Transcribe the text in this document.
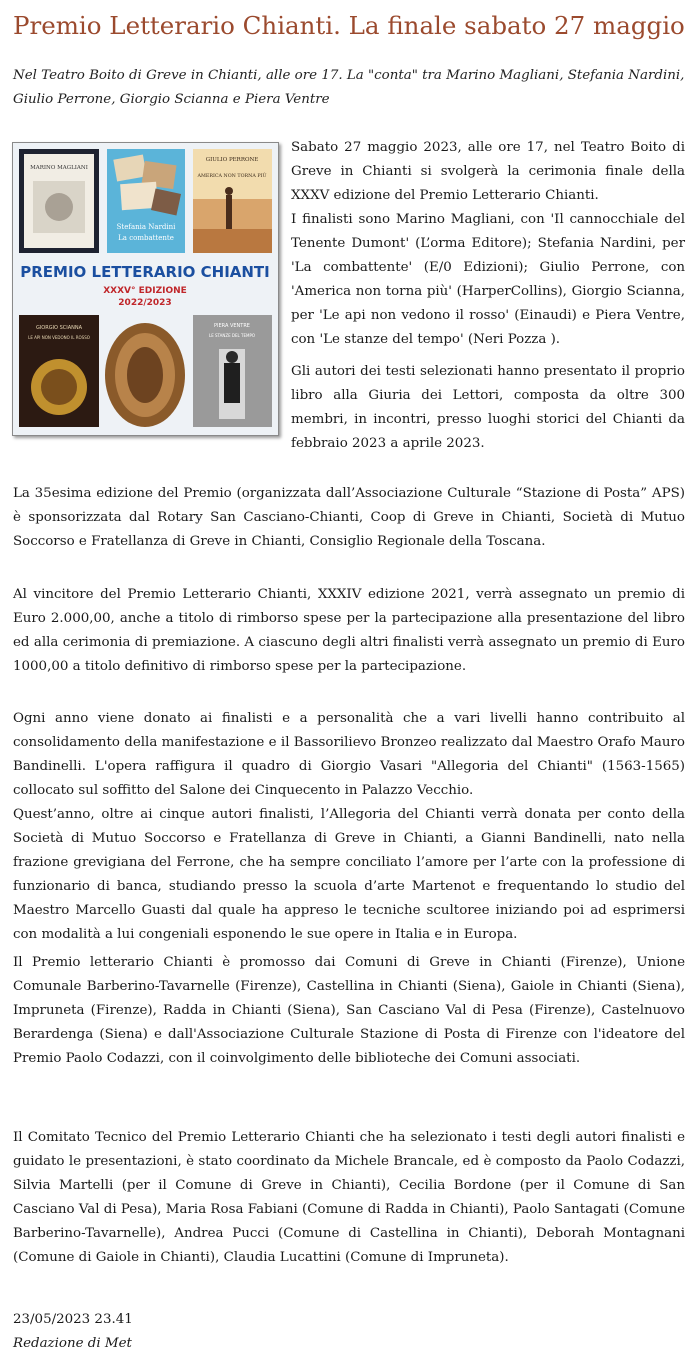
Premio Letterario Chianti. La finale sabato 27 maggio

Nel Teatro Boito di Greve in Chianti, alle ore 17. La "conta" tra Marino Magliani, Stefania Nardini, Giulio Perrone, Giorgio Scianna e Piera Ventre

MARINO MAGLIANI
Stefania Nardini
La combattente
GIULIO PERRONE
AMERICA NON TORNA PIÙ
PREMIO LETTERARIO CHIANTI
XXXV° EDIZIONE
2022/2023
GIORGIO SCIANNA
LE API NON VEDONO IL ROSSO
PIERA VENTRE
LE STANZE DEL TEMPO

Sabato 27 maggio 2023, alle ore 17, nel Teatro Boito di Greve in Chianti si svolgerà la cerimonia finale della XXXV edizione del Premio Letterario Chianti.
I finalisti sono Marino Magliani, con 'Il cannocchiale del Tenente Dumont' (L’orma Editore); Stefania Nardini, per 'La combattente' (E/0 Edizioni); Giulio Perrone, con 'America non torna più' (HarperCollins), Giorgio Scianna, per 'Le api non vedono il rosso' (Einaudi) e Piera Ventre, con 'Le stanze del tempo' (Neri Pozza ).

Gli autori dei testi selezionati hanno presentato il proprio libro alla Giuria dei Lettori, composta da oltre 300 membri, in incontri, presso luoghi storici del Chianti da febbraio 2023 a aprile 2023.

La 35esima edizione del Premio (organizzata dall’Associazione Culturale “Stazione di Posta” APS) è sponsorizzata dal Rotary San Casciano-Chianti, Coop di Greve in Chianti, Società di Mutuo Soccorso e Fratellanza di Greve in Chianti, Consiglio Regionale della Toscana.

Al vincitore del Premio Letterario Chianti, XXXIV edizione 2021, verrà assegnato un premio di Euro 2.000,00, anche a titolo di rimborso spese per la partecipazione alla presentazione del libro ed alla cerimonia di premiazione. A ciascuno degli altri finalisti verrà assegnato un premio di Euro 1000,00 a titolo definitivo di rimborso spese per la partecipazione.

Ogni anno viene donato ai finalisti e a personalità che a vari livelli hanno contribuito al consolidamento della manifestazione e il Bassorilievo Bronzeo realizzato dal Maestro Orafo Mauro Bandinelli. L'opera raffigura il quadro di Giorgio Vasari "Allegoria del Chianti" (1563-1565) collocato sul soffitto del Salone dei Cinquecento in Palazzo Vecchio.
Quest’anno, oltre ai cinque autori finalisti, l’Allegoria del Chianti verrà donata per conto della Società di Mutuo Soccorso e Fratellanza di Greve in Chianti, a Gianni Bandinelli, nato nella frazione grevigiana del Ferrone, che ha sempre conciliato l’amore per l’arte con la professione di funzionario di banca, studiando presso la scuola d’arte Martenot e frequentando lo studio del Maestro Marcello Guasti dal quale ha appreso le tecniche scultoree iniziando poi ad esprimersi con modalità a lui congeniali esponendo le sue opere in Italia e in Europa.

Il Premio letterario Chianti è promosso dai Comuni di Greve in Chianti (Firenze), Unione Comunale Barberino-Tavarnelle (Firenze), Castellina in Chianti (Siena), Gaiole in Chianti (Siena), Impruneta (Firenze), Radda in Chianti (Siena), San Casciano Val di Pesa (Firenze), Castelnuovo Berardenga (Siena) e dall'Associazione Culturale Stazione di Posta di Firenze con l'ideatore del Premio Paolo Codazzi, con il coinvolgimento delle biblioteche dei Comuni associati.

Il Comitato Tecnico del Premio Letterario Chianti che ha selezionato i testi degli autori finalisti e guidato le presentazioni, è stato coordinato da Michele Brancale, ed è composto da Paolo Codazzi, Silvia Martelli (per il Comune di Greve in Chianti), Cecilia Bordone (per il Comune di San Casciano Val di Pesa), Maria Rosa Fabiani (Comune di Radda in Chianti), Paolo Santagati (Comune Barberino-Tavarnelle), Andrea Pucci (Comune di Castellina in Chianti), Deborah Montagnani (Comune di Gaiole in Chianti), Claudia Lucattini (Comune di Impruneta).

23/05/2023 23.41

Redazione di Met
